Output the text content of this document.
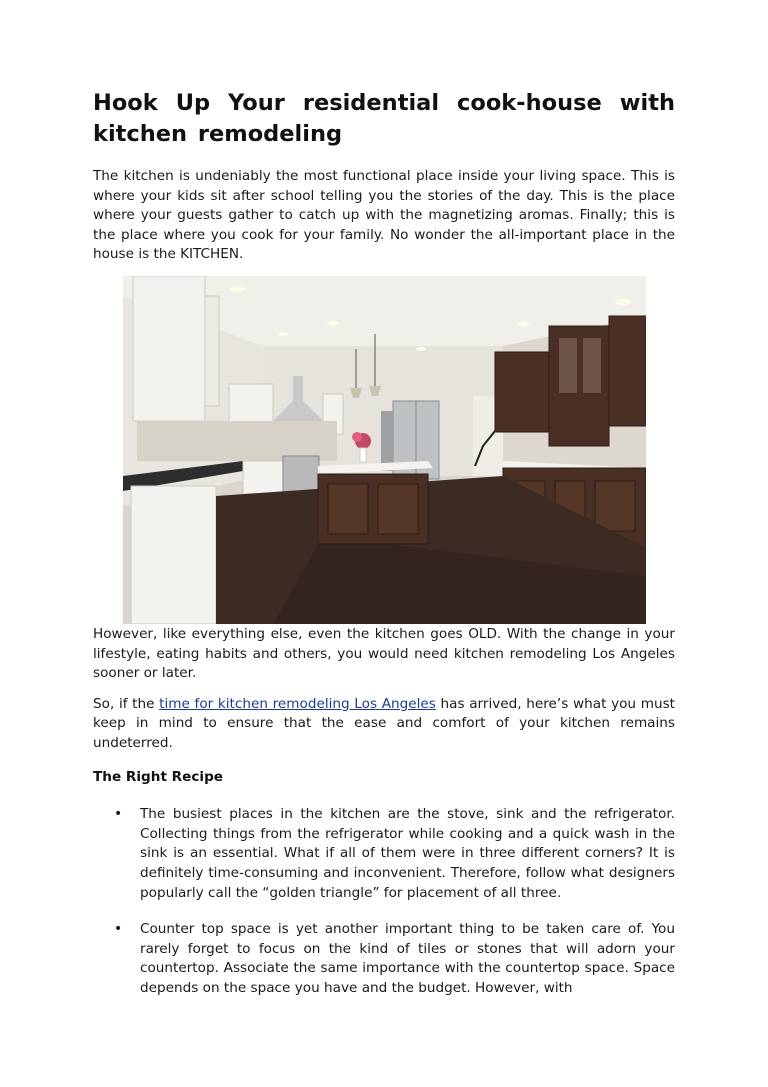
Hook Up Your residential cook-house with kitchen remodeling

The kitchen is undeniably the most functional place inside your living space. This is where your kids sit after school telling you the stories of the day. This is the place where your guests gather to catch up with the magnetizing aromas. Finally; this is the place where you cook for your family. No wonder the all-important place in the house is the KITCHEN.

However, like everything else, even the kitchen goes OLD. With the change in your lifestyle, eating habits and others, you would need kitchen remodeling Los Angeles sooner or later.

So, if the time for kitchen remodeling Los Angeles has arrived, here’s what you must keep in mind to ensure that the ease and comfort of your kitchen remains undeterred.

The Right Recipe
• The busiest places in the kitchen are the stove, sink and the refrigerator. Collecting things from the refrigerator while cooking and a quick wash in the sink is an essential. What if all of them were in three different corners? It is definitely time-consuming and inconvenient. Therefore, follow what designers popularly call the “golden triangle” for placement of all three.

• Counter top space is yet another important thing to be taken care of. You rarely forget to focus on the kind of tiles or stones that will adorn your countertop. Associate the same importance with the countertop space. Space depends on the space you have and the budget. However, with
